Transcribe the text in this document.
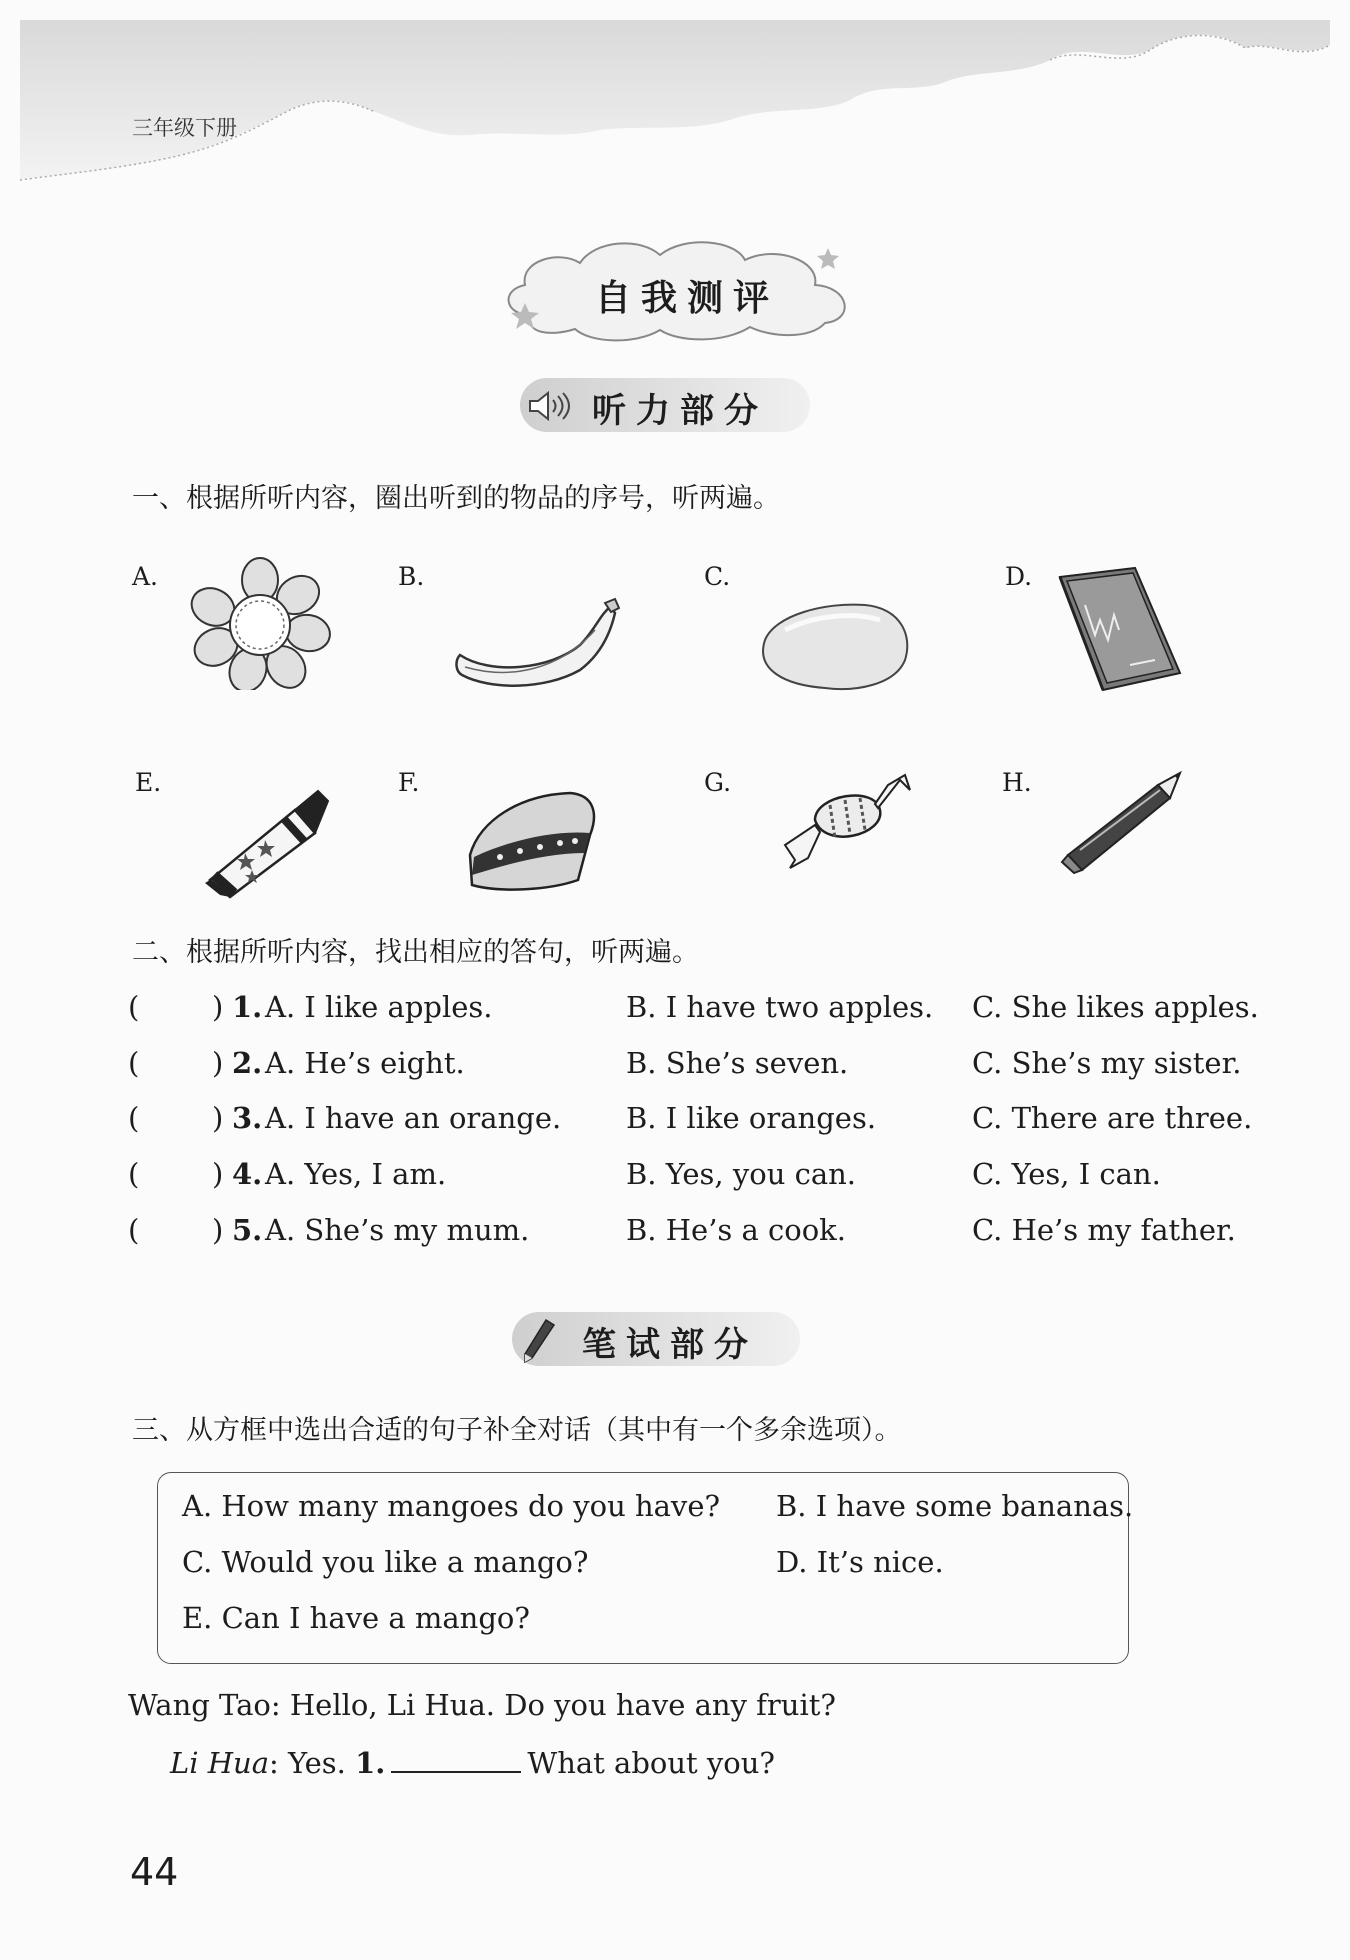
三年级下册
自我测评
听力部分
一、根据所听内容，圈出听到的物品的序号，听两遍。
A.	B.	C.	D.
E.	F.	G.	H.
二、根据所听内容，找出相应的答句，听两遍。
(	) 1. A. I like apples.	B. I have two apples. C. She likes apples.
(	) 2. A. He’s eight.	B. She’s seven.	C. She’s my sister.
(	) 3. A. I have an orange. B. I like oranges.	C. There are three.
(	) 4. A. Yes, I am.	B. Yes, you can.	C. Yes, I can.
(	) 5. A. She’s my mum.	B. He’s a cook.	C. He’s my father.
笔试部分
三、从方框中选出合适的句子补全对话（其中有一个多余选项）。
A. How many mangoes do you have? B. I have some bananas.
C. Would you like a mango?	D. It’s nice.
E. Can I have a mango?
Wang Tao: Hello, Li Hua. Do you have any fruit?
Li Hua: Yes. 1.	What about you?
44
